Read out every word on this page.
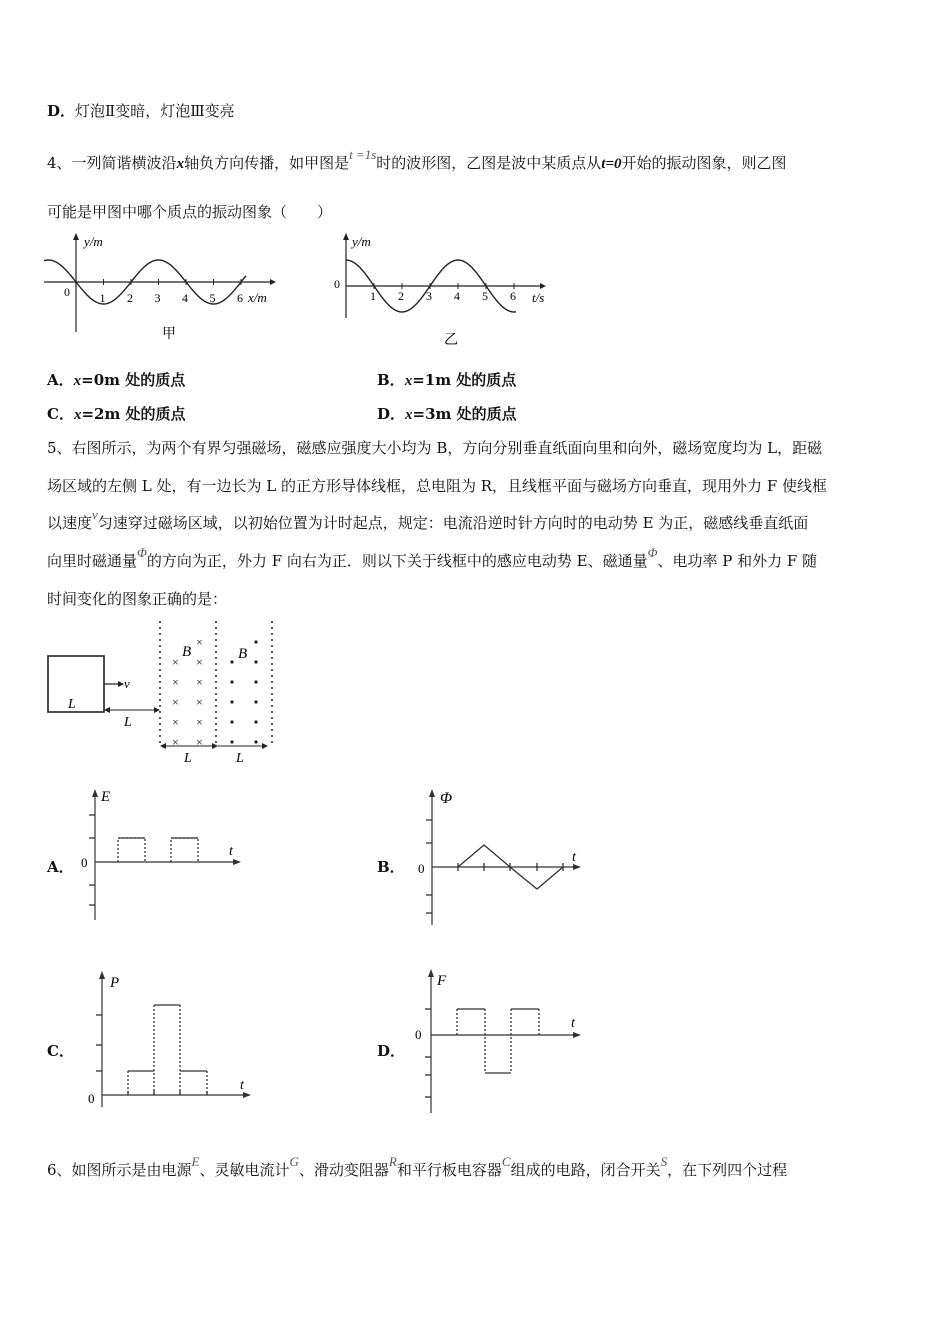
D．灯泡Ⅱ变暗，灯泡Ⅲ变亮
4、一列简谐横波沿x轴负方向传播，如甲图是t =1s时的波形图，乙图是波中某质点从t=0开始的振动图象，则乙图
可能是甲图中哪个质点的振动图象（　　）
y/m
x/m
0 1 2 3 4 5 6
甲
y/m
t/s
0
1 2 3 4 5 6
乙
A．x=0m 处的质点	B．x=1m 处的质点
C．x=2m 处的质点	D．x=3m 处的质点
5、右图所示，为两个有界匀强磁场，磁感应强度大小均为 B，方向分别垂直纸面向里和向外，磁场宽度均为 L，距磁
场区域的左侧 L 处，有一边长为 L 的正方形导体线框，总电阻为 R，且线框平面与磁场方向垂直，现用外力 F 使线框
以速度v匀速穿过磁场区域，以初始位置为计时起点，规定：电流沿逆时针方向时的电动势 E 为正，磁感线垂直纸面
向里时磁通量Φ的方向为正，外力 F 向右为正．则以下关于线框中的感应电动势 E、磁通量Φ、电功率 P 和外力 F 随
时间变化的图象正确的是：
L
v
L
×
× ×
× ×
× ×
× ×
× ×
L	L
B	B
A．
E
0
t
B．
Φ
0
t
C．
P
0
t
D．
F
0
t
6、如图所示是由电源E、灵敏电流计G、滑动变阻器R和平行板电容器C组成的电路，闭合开关S，在下列四个过程
